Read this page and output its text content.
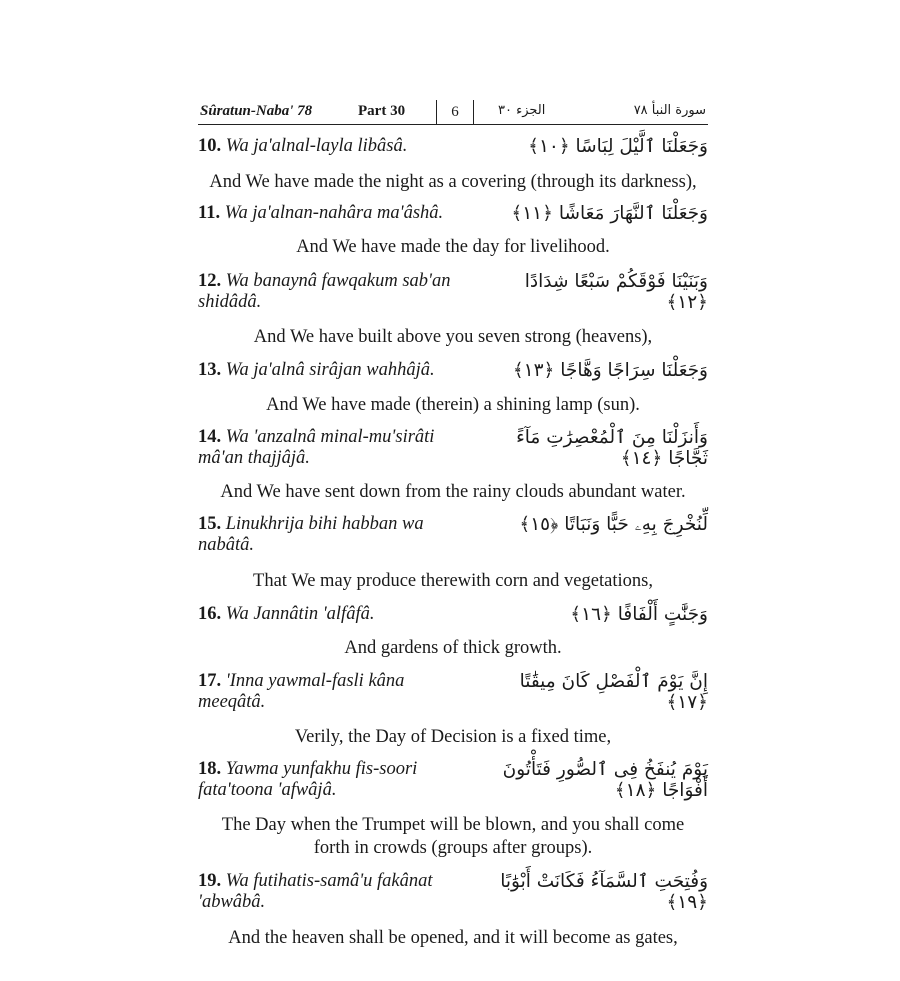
Sûratun-Naba' 78	Part 30	6	الجزء ٣٠	سورة النبأ ٧٨
10. Wa ja'alnal-layla libâsâ.	وَجَعَلْنَا ٱلَّيْلَ لِبَاسًا ﴿١٠﴾
And We have made the night as a covering (through its darkness),
11. Wa ja'alnan-nahâra ma'âshâ.	وَجَعَلْنَا ٱلنَّهَارَ مَعَاشًا ﴿١١﴾
And We have made the day for livelihood.
12. Wa banaynâ fawqakum sab'an
shidâdâ.
وَبَنَيْنَا فَوْقَكُمْ سَبْعًا شِدَادًا ﴿١٢﴾
And We have built above you seven strong (heavens),
13. Wa ja'alnâ sirâjan wahhâjâ.	وَجَعَلْنَا سِرَاجًا وَهَّاجًا ﴿١٣﴾
And We have made (therein) a shining lamp (sun).
14. Wa 'anzalnâ minal-mu'sirâti
mâ'an thajjâjâ.
وَأَنزَلْنَا مِنَ ٱلْمُعْصِرَٰتِ مَآءً ثَجَّاجًا ﴿١٤﴾
And We have sent down from the rainy clouds abundant water.
15. Linukhrija bihi habban wa
nabâtâ.
لِّنُخْرِجَ بِهِۦ حَبًّا وَنَبَاتًا ﴿١٥﴾
That We may produce therewith corn and vegetations,
16. Wa Jannâtin 'alfâfâ.	وَجَنَّٰتٍ أَلْفَافًا ﴿١٦﴾
And gardens of thick growth.
17. 'Inna yawmal-fasli kâna
meeqâtâ.
إِنَّ يَوْمَ ٱلْفَصْلِ كَانَ مِيقَٰتًا ﴿١٧﴾
Verily, the Day of Decision is a fixed time,
18. Yawma yunfakhu fis-soori
fata'toona 'afwâjâ.
يَوْمَ يُنفَخُ فِى ٱلصُّورِ فَتَأْتُونَ أَفْوَاجًا ﴿١٨﴾
The Day when the Trumpet will be blown, and you shall come
forth in crowds (groups after groups).
19. Wa futihatis-samâ'u fakânat
'abwâbâ.
وَفُتِحَتِ ٱلسَّمَآءُ فَكَانَتْ أَبْوَٰبًا ﴿١٩﴾
And the heaven shall be opened, and it will become as gates,
